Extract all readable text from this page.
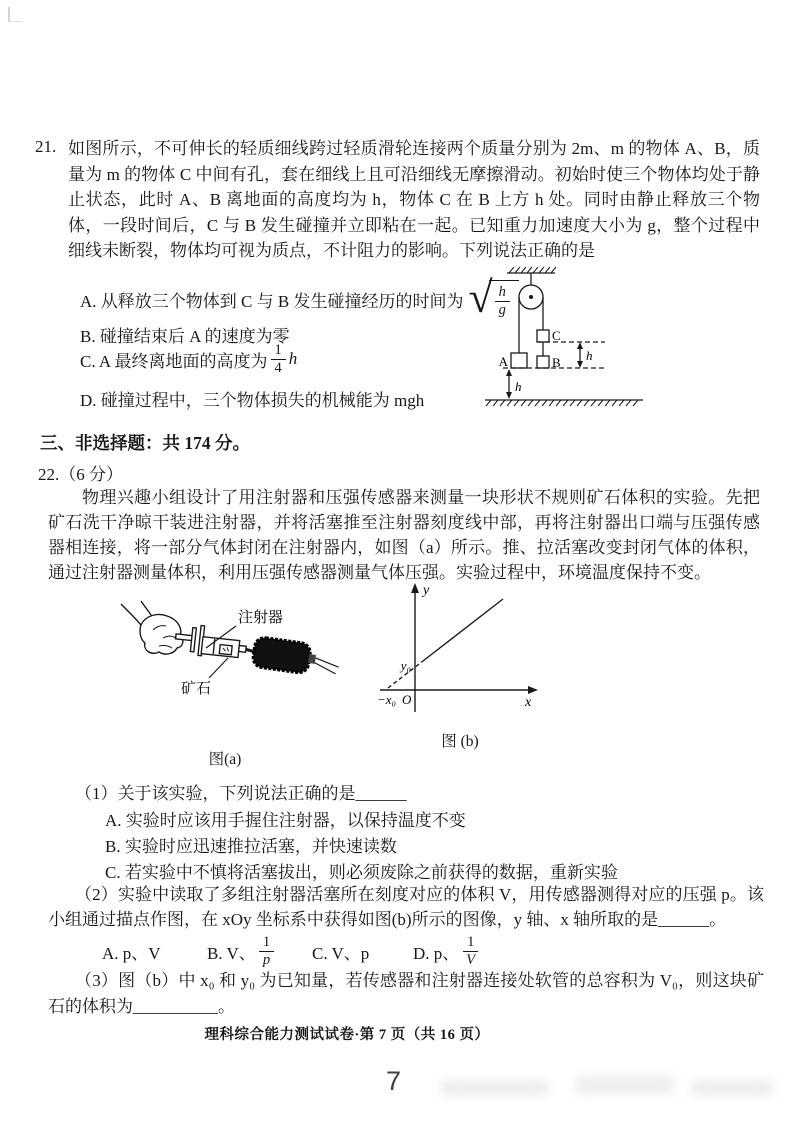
21. 如图所示，不可伸长的轻质细线跨过轻质滑轮连接两个质量分别为 2m、m 的物体 A、B，质量为 m 的物体 C 中间有孔，套在细线上且可沿细线无摩擦滑动。初始时使三个物体均处于静止状态，此时 A、B 离地面的高度均为 h，物体 C 在 B 上方 h 处。同时由静止释放三个物体，一段时间后，C 与 B 发生碰撞并立即粘在一起。已知重力加速度大小为 g，整个过程中细线未断裂，物体均可视为质点，不计阻力的影响。下列说法正确的是
A. 从释放三个物体到 C 与 B 发生碰撞经历的时间为 √ $\frac{h}{g}$
B. 碰撞结束后 A 的速度为零
C. A 最终离地面的高度为 $\frac{1}{4}$ h
D. 碰撞过程中，三个物体损失的机械能为 mgh
A	B
C
h
h
三、非选择题：共 174 分。
22.（6 分）
物理兴趣小组设计了用注射器和压强传感器来测量一块形状不规则矿石体积的实验。先把矿石洗干净晾干装进注射器，并将活塞推至注射器刻度线中部，再将注射器出口端与压强传感器相连接，将一部分气体封闭在注射器内，如图（a）所示。推、拉活塞改变封闭气体的体积，通过注射器测量体积，利用压强传感器测量气体压强。实验过程中，环境温度保持不变。
注射器
矿石
图(a)
y
x
y₀
−x₀ O
图 (b)
（1）关于该实验，下列说法正确的是______
A. 实验时应该用手握住注射器，以保持温度不变
B. 实验时应迅速推拉活塞，并快速读数
C. 若实验中不慎将活塞拔出，则必须废除之前获得的数据，重新实验
（2）实验中读取了多组注射器活塞所在刻度对应的体积 V，用传感器测得对应的压强 p。该小组通过描点作图，在 xOy 坐标系中获得如图(b)所示的图像，y 轴、x 轴所取的是______。
A. p、V	B. V、 $\frac{1}{p} C$. V、p	D. p、 $\frac{1}{V}$
（3）图（b）中 x₀ 和 y₀ 为已知量，若传感器和注射器连接处软管的总容积为 V₀，则这块矿石的体积为__________。
理科综合能力测试试卷·第 7 页（共 16 页）
7
